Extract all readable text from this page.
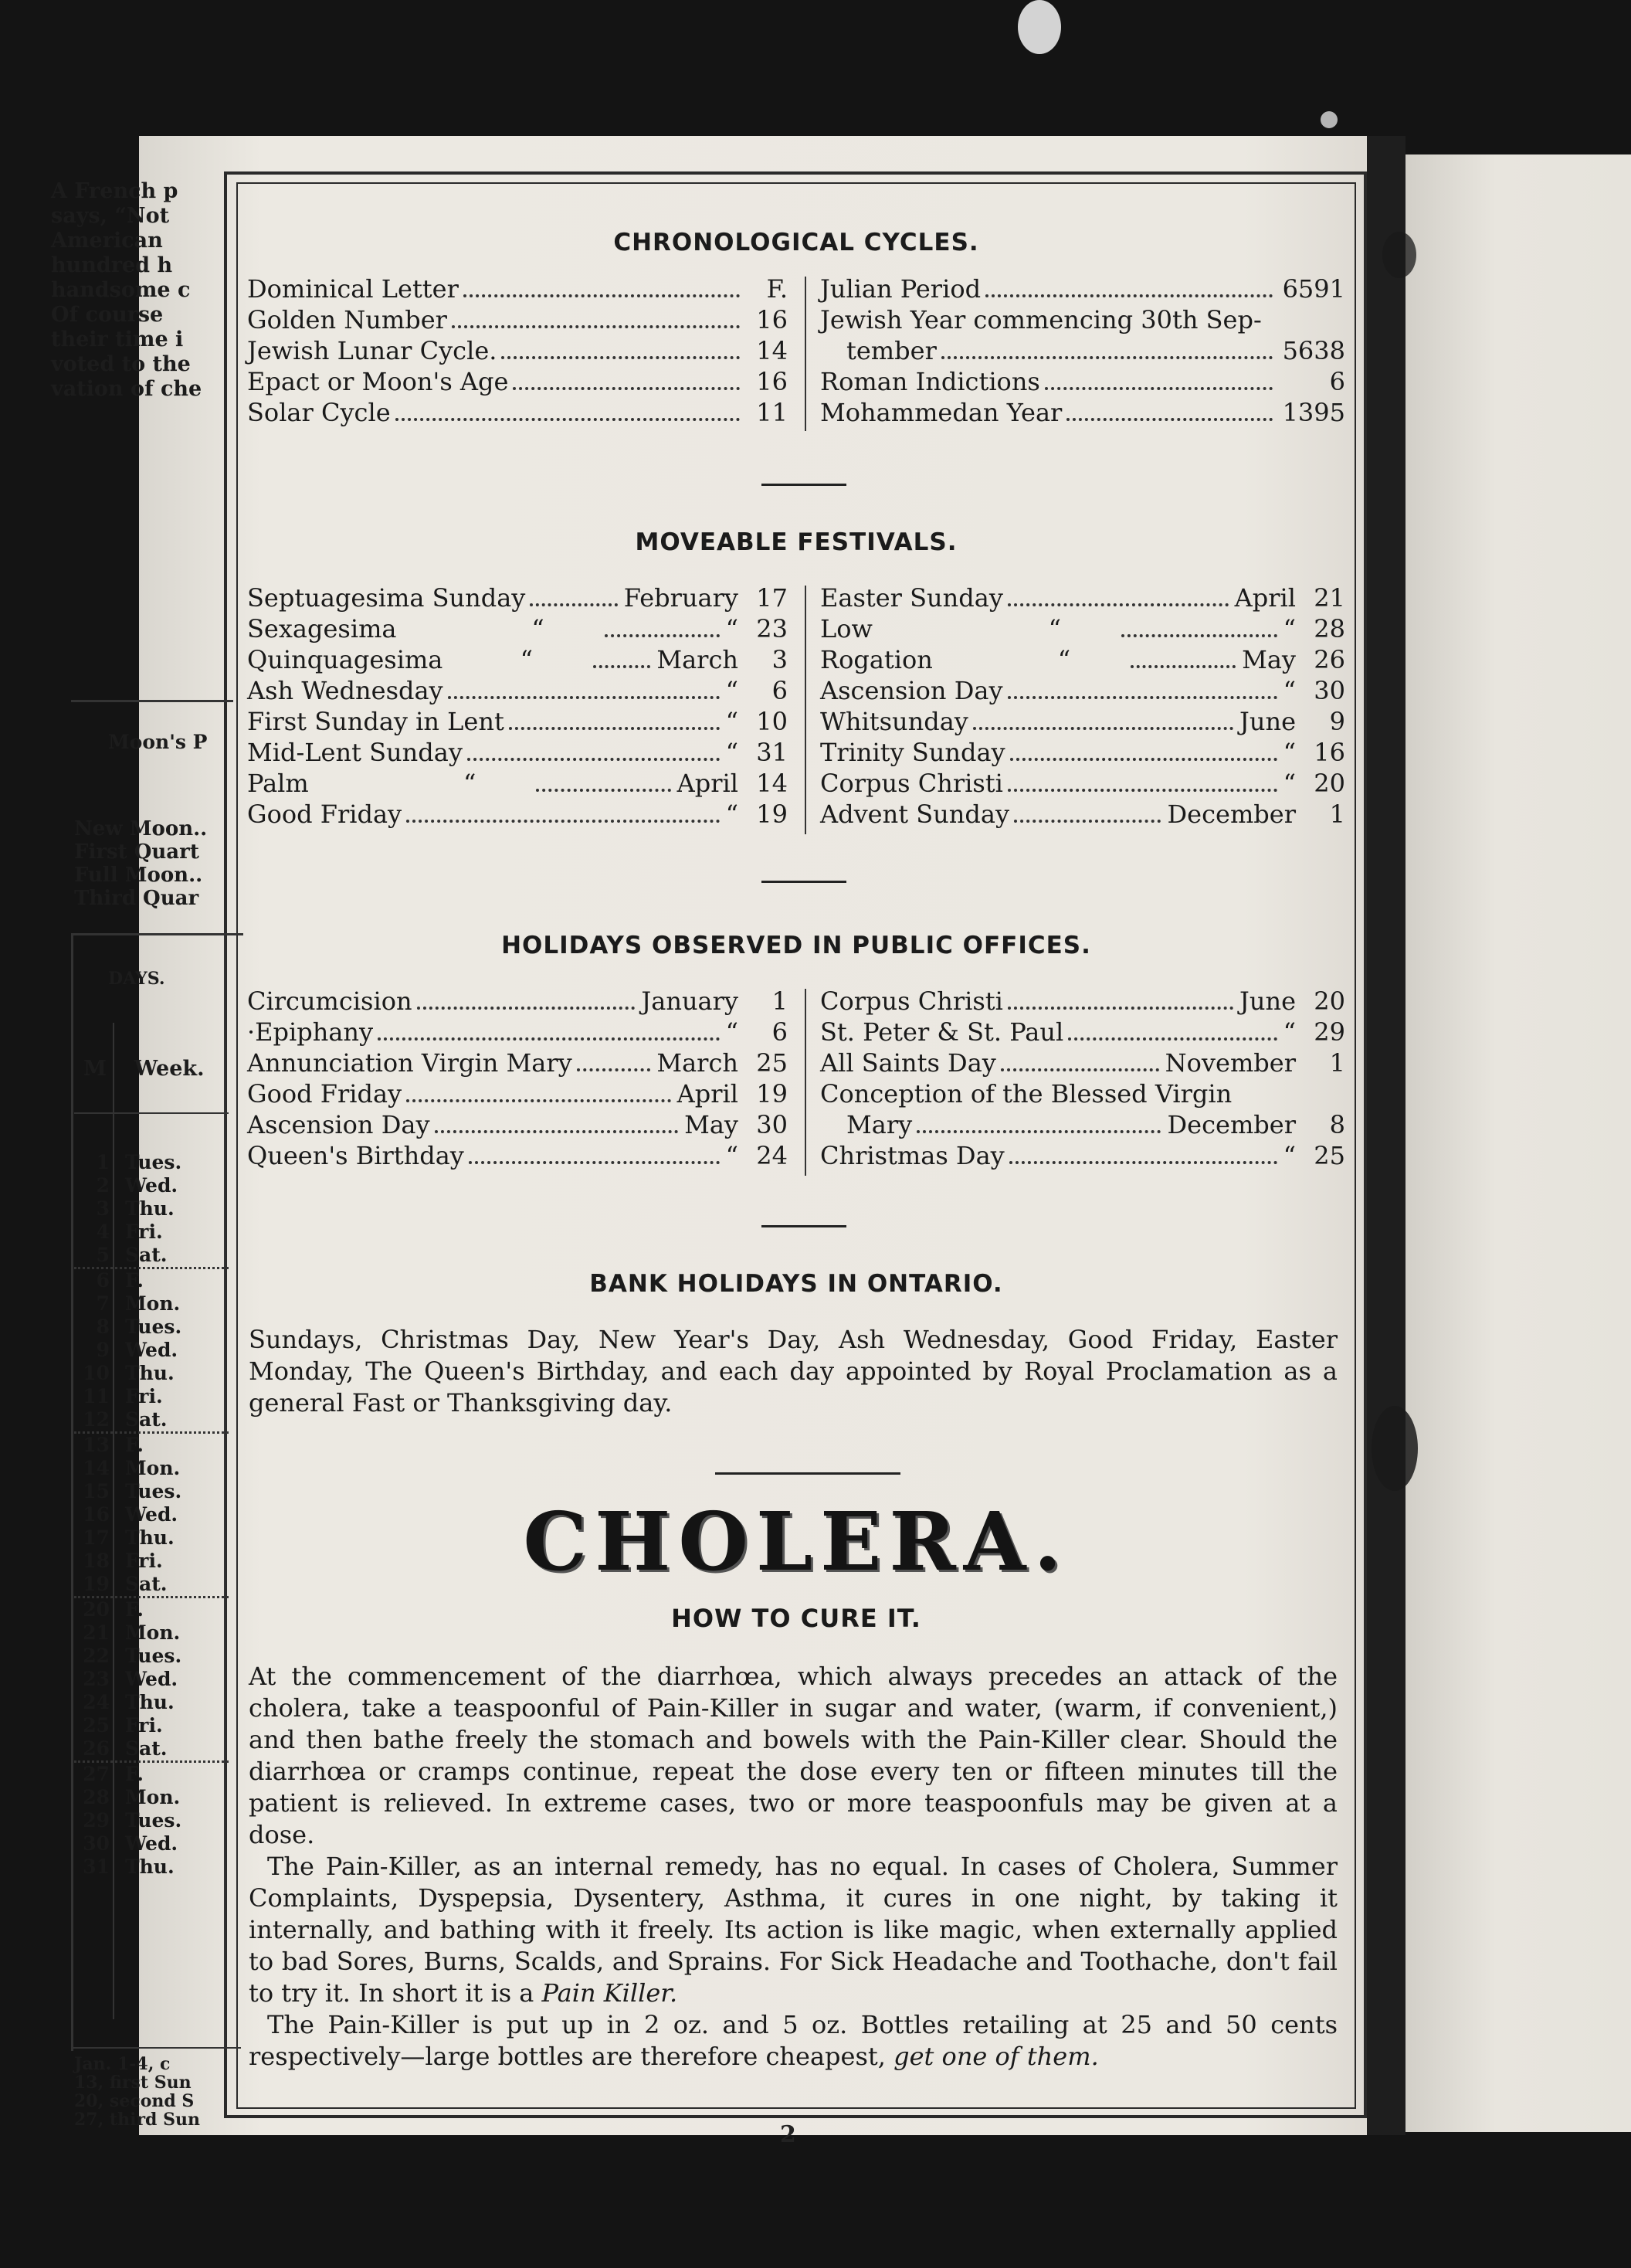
CHRONOLOGICAL CYCLES.
Dominical Letter	F.
Golden Number	16
Jewish Lunar Cycle.	14
Epact or Moon's Age	16
Solar Cycle	11
Julian Period	6591
Jewish Year commencing 30th Sep-
tember	5638
Roman Indictions	6
Mohammedan Year	1395
MOVEABLE FESTIVALS.
Septuagesima Sunday	February 17
Sexagesima	“	“ 23
Quinquagesima	“	March	3
Ash Wednesday	“	6
First Sunday in Lent	“ 10
Mid-Lent Sunday	“ 31
Palm	“	April 14
Good Friday	“ 19
Easter Sunday	April 21
Low	“	“ 28
Rogation	“	May 26
Ascension Day	“ 30
Whitsunday	June	9
Trinity Sunday	“ 16
Corpus Christi	“ 20
Advent Sunday	December	1
HOLIDAYS OBSERVED IN PUBLIC OFFICES.
Circumcision	January	1
·Epiphany	“	6
Annunciation Virgin Mary	March 25
Good Friday	April 19
Ascension Day	May 30
Queen's Birthday	“ 24
Corpus Christi	June 20
St. Peter & St. Paul	“ 29
All Saints Day	November	1
Conception of the Blessed Virgin
Mary	December	8
Christmas Day	“ 25
BANK HOLIDAYS IN ONTARIO.

Sundays, Christmas Day, New Year's Day, Ash Wednesday, Good Friday, Easter Monday, The Queen's Birthday, and each day appointed by Royal Proclamation as a general Fast or Thanksgiving day.

CHOLERA.
HOW TO CURE IT.

At the commencement of the diarrhœa, which always precedes an attack of the cholera, take a teaspoonful of Pain-Killer in sugar and water, (warm, if convenient,) and then bathe freely the stomach and bowels with the Pain-Killer clear. Should the diarrhœa or cramps continue, repeat the dose every ten or fifteen minutes till the patient is relieved. In extreme cases, two or more teaspoonfuls may be given at a dose.

The Pain-Killer, as an internal remedy, has no equal. In cases of Cholera, Summer Complaints, Dyspepsia, Dysentery, Asthma, it cures in one night, by taking it internally, and bathing with it freely. Its action is like magic, when externally applied to bad Sores, Burns, Scalds, and Sprains. For Sick Headache and Toothache, don't fail to try it. In short it is a Pain Killer.

The Pain-Killer is put up in 2 oz. and 5 oz. Bottles retailing at 25 and 50 cents respectively—large bottles are therefore cheapest, get one of them.

2
A French p
says, “Not
American
hundred h
handsome c
Of course
their time i
voted to the
vation of che
Moon's P
New Moon..
First Quart
Full Moon..
Third Quar
DAYS.
M Week.
1 Tues.
2 Wed.
3 Thu.
4 Fri.
5 Sat.
6 F.
7 Mon.
8 Tues.
9 Wed.
10 Thu.
11 Fri.
12 Sat.
13 F.
14 Mon.
15 Tues.
16 Wed.
17 Thu.
18 Fri.
19 Sat.
20 F.
21 Mon.
22 Tues.
23 Wed.
24 Thu.
25 Fri.
26 Sat.
27 F.
28 Mon.
29 Tues.
30 Wed.
31 Thu.
Jan. 1-4, c
13, first Sun
20, second S
27, third Sun
